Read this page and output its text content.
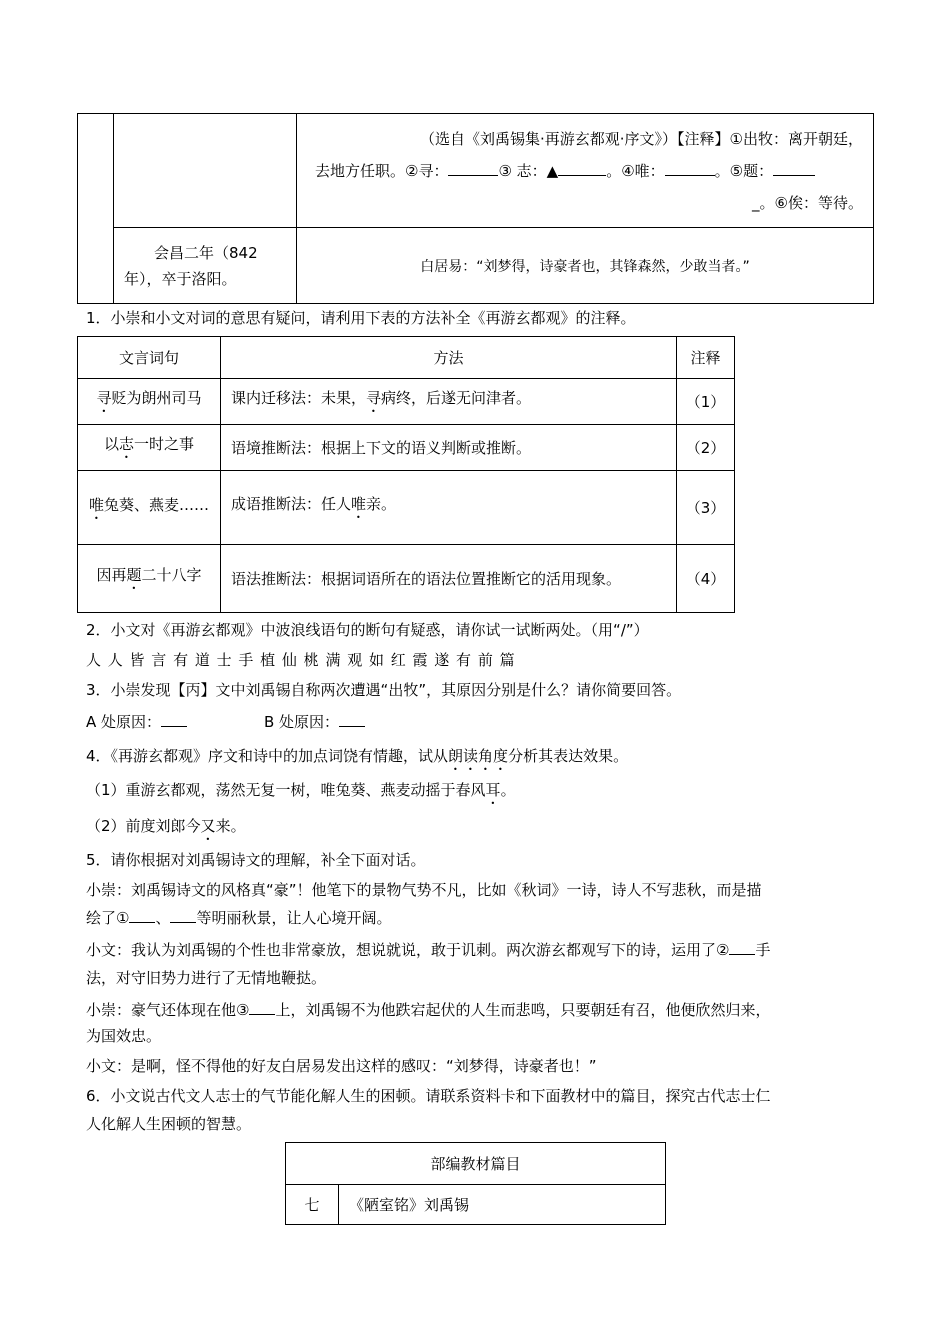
		（选自《刘禹锡集·再游玄都观·序文》）【注释】①出牧：离开朝廷，
去地方任职。②寻： ③ 志：▲ 。④唯： 。⑤题：
_。⑥俟：等待。

	会昌二年（842年），卒于洛阳。	白居易：“刘梦得，诗豪者也，其锋森然，少敢当者。”
1．小崇和小文对词的意思有疑问，请利用下表的方法补全《再游玄都观》的注释。
文言词句	方法	注释
寻贬为朗州司马	课内迁移法：未果，寻病终，后遂无问津者。	（1）
以志一时之事	语境推断法：根据上下文的语义判断或推断。	（2）
唯兔葵、燕麦……	成语推断法：任人唯亲。	（3）
因再题二十八字	语法推断法：根据词语所在的语法位置推断它的活用现象。	（4）
2．小文对《再游玄都观》中波浪线语句的断句有疑惑，请你试一试断两处。（用“/”）
人 人 皆 言 有 道 士 手 植 仙 桃 满 观 如 红 霞 遂 有 前 篇
3．小崇发现【丙】文中刘禹锡自称两次遭遇“出牧”，其原因分别是什么？请你简要回答。
A 处原因：	B 处原因：
4．《再游玄都观》序文和诗中的加点词饶有情趣，试从朗读角度分析其表达效果。
（1）重游玄都观，荡然无复一树，唯兔葵、燕麦动摇于春风耳。
（2）前度刘郎今又来。
5．请你根据对刘禹锡诗文的理解，补全下面对话。
小崇：刘禹锡诗文的风格真“豪”！他笔下的景物气势不凡，比如《秋词》一诗，诗人不写悲秋，而是描
绘了① 、 等明丽秋景，让人心境开阔。
小文：我认为刘禹锡的个性也非常豪放，想说就说，敢于讥刺。两次游玄都观写下的诗，运用了② 手
法，对守旧势力进行了无情地鞭挞。
小崇：豪气还体现在他③ 上，刘禹锡不为他跌宕起伏的人生而悲鸣，只要朝廷有召，他便欣然归来，
为国效忠。
小文：是啊，怪不得他的好友白居易发出这样的感叹：“刘梦得，诗豪者也！”
6．小文说古代文人志士的气节能化解人生的困顿。请联系资料卡和下面教材中的篇目，探究古代志士仁
人化解人生困顿的智慧。
部编教材篇目
七	《陋室铭》刘禹锡
